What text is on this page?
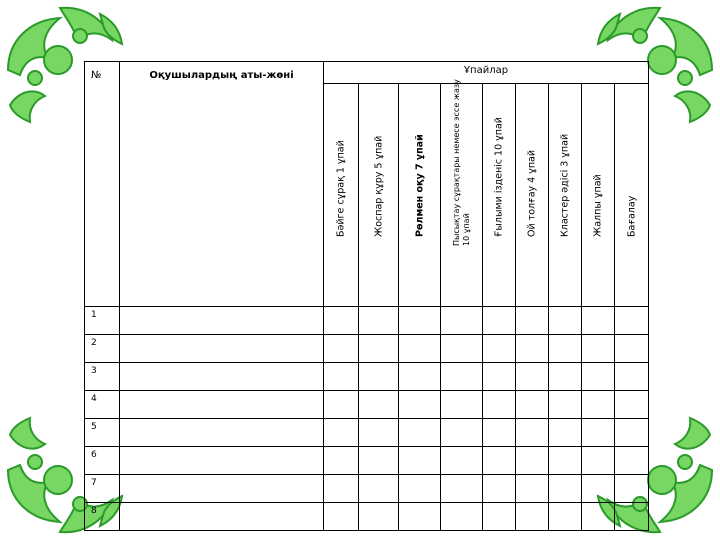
№	Оқушылардың аты-жөні	Ұпайлар								

		Бәйге сұрақ 1 ұпай	Жоспар құру 5 ұпай	Рөлмен оқу 7 ұпай	Пысықтау сұрақтары немесе эссе жазу 10 ұпай	Ғылыми ізденіс 10 ұпай	Ой толғау 4 ұпай	Кластер әдісі 3 ұпай	Жалпы ұпай	Бағалау

1										
2										
3										
4										
5										
6										
7										
8										
